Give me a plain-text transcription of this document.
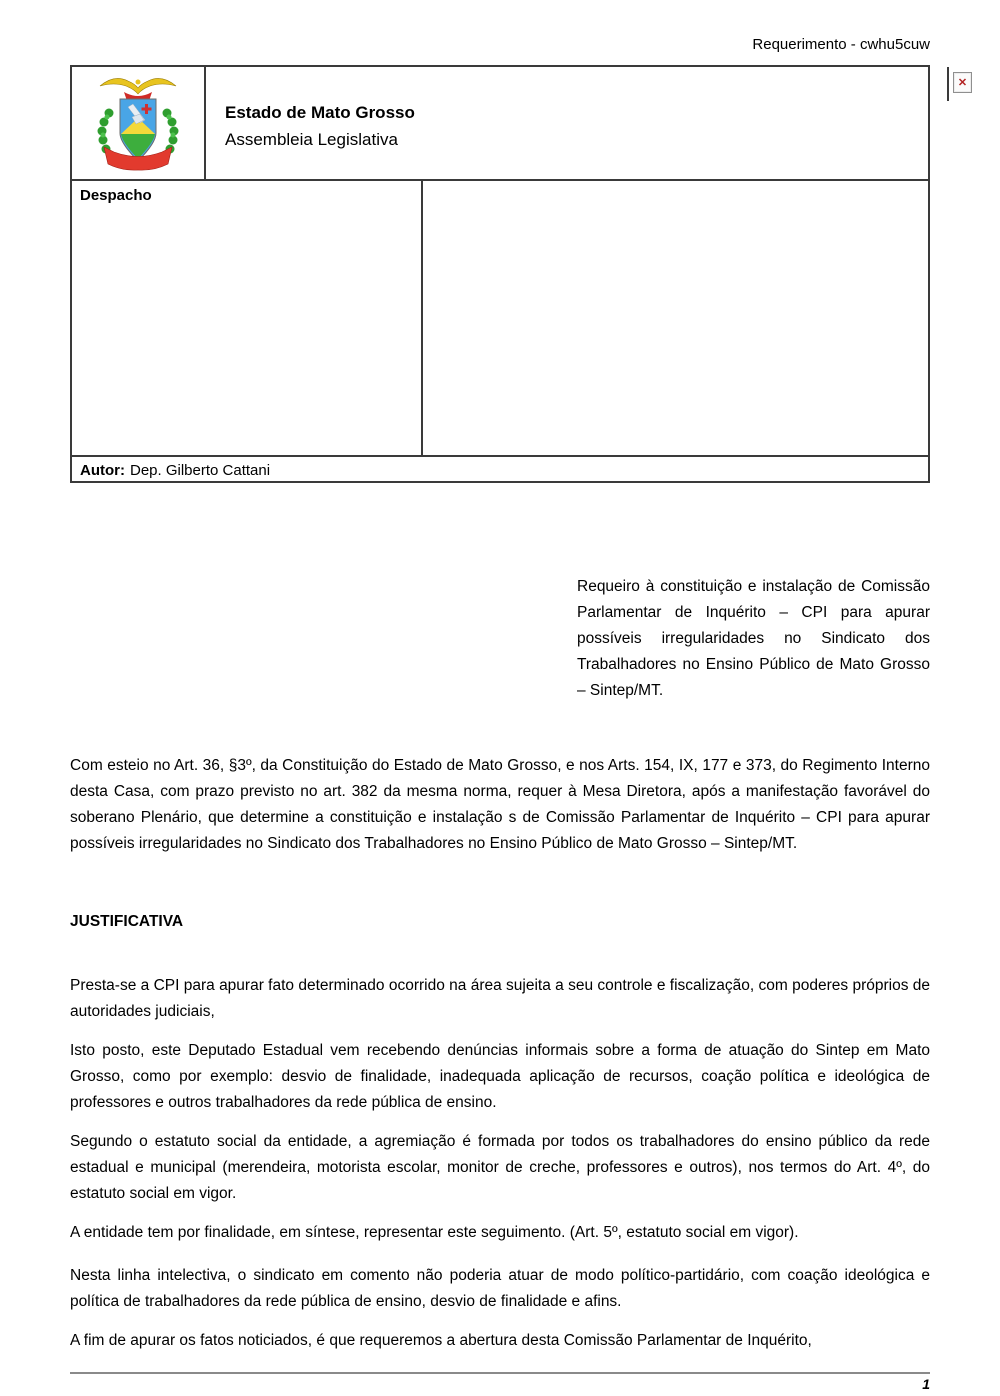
Requerimento - cwhu5cuw
Estado de Mato Grosso
Assembleia Legislativa
✕
Despacho
Autor: Dep. Gilberto Cattani
Requeiro à constituição e instalação de Comissão Parlamentar de Inquérito – CPI para apurar possíveis irregularidades no Sindicato dos Trabalhadores no Ensino Público de Mato Grosso – Sintep/MT.
Com esteio no Art. 36, §3º, da Constituição do Estado de Mato Grosso, e nos Arts. 154, IX, 177 e 373, do Regimento Interno desta Casa, com prazo previsto no art. 382 da mesma norma, requer à Mesa Diretora, após a manifestação favorável do soberano Plenário, que determine a constituição e instalação s de Comissão Parlamentar de Inquérito – CPI para apurar possíveis irregularidades no Sindicato dos Trabalhadores no Ensino Público de Mato Grosso – Sintep/MT.
JUSTIFICATIVA
Presta-se a CPI para apurar fato determinado ocorrido na área sujeita a seu controle e fiscalização, com poderes próprios de autoridades judiciais,
Isto posto, este Deputado Estadual vem recebendo denúncias informais sobre a forma de atuação do Sintep em Mato Grosso, como por exemplo: desvio de finalidade, inadequada aplicação de recursos, coação política e ideológica de professores e outros trabalhadores da rede pública de ensino.
Segundo o estatuto social da entidade, a agremiação é formada por todos os trabalhadores do ensino público da rede estadual e municipal (merendeira, motorista escolar, monitor de creche, professores e outros), nos termos do Art. 4º, do estatuto social em vigor.
A entidade tem por finalidade, em síntese, representar este seguimento. (Art. 5º, estatuto social em vigor).
Nesta linha intelectiva, o sindicato em comento não poderia atuar de modo político-partidário, com coação ideológica e política de trabalhadores da rede pública de ensino, desvio de finalidade e afins.
A fim de apurar os fatos noticiados, é que requeremos a abertura desta Comissão Parlamentar de Inquérito,
1
